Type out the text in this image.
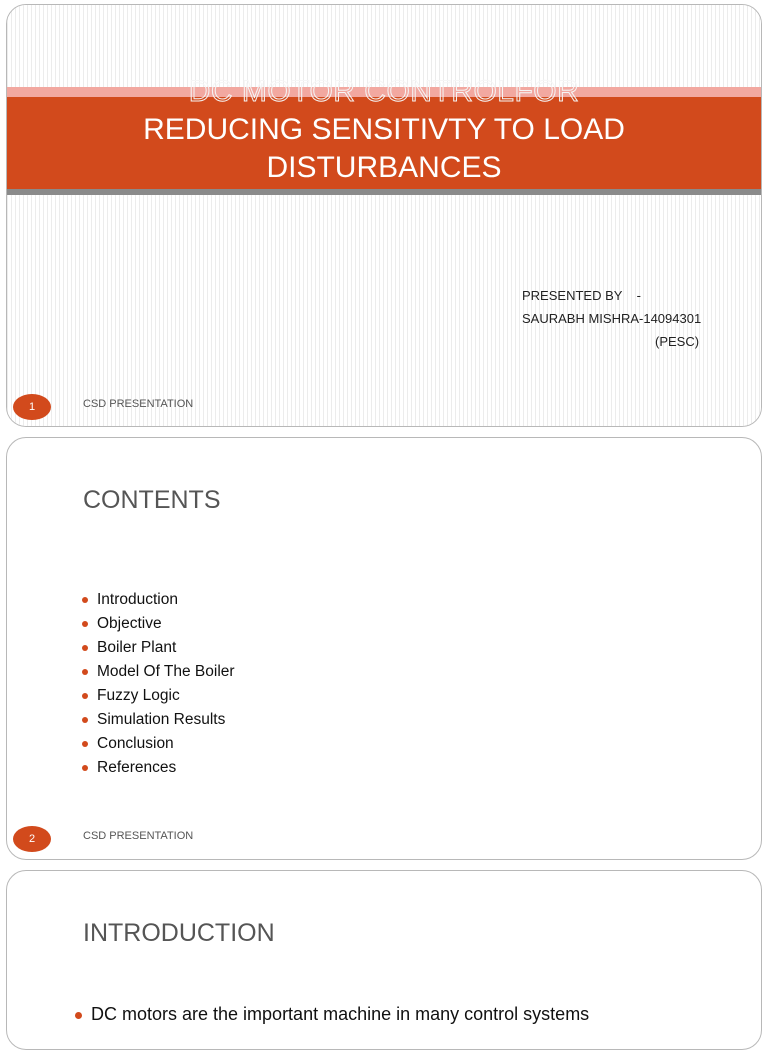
DC MOTOR CONTROLFOR
REDUCING SENSITIVTY TO LOAD
DISTURBANCES
PRESENTED BY    -
SAURABH MISHRA-14094301
(PESC)
1	CSD PRESENTATION
CONTENTS
Introduction
Objective
Boiler Plant
Model Of The Boiler
Fuzzy Logic
Simulation Results
Conclusion
References
2	CSD PRESENTATION
INTRODUCTION
DC motors are the important machine in many control systems
